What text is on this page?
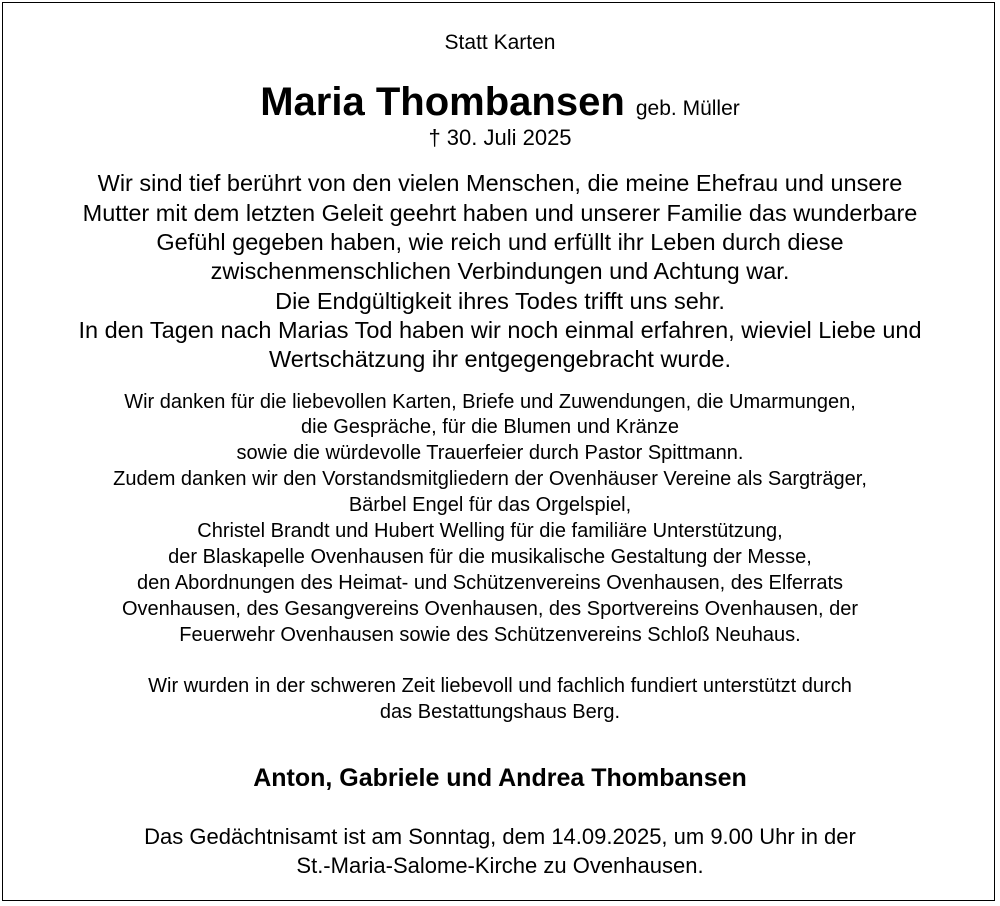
Statt Karten
Maria Thombansen geb. Müller
† 30. Juli 2025
Wir sind tief berührt von den vielen Menschen, die meine Ehefrau und unsere
Mutter mit dem letzten Geleit geehrt haben und unserer Familie das wunderbare
Gefühl gegeben haben, wie reich und erfüllt ihr Leben durch diese
zwischenmenschlichen Verbindungen und Achtung war.
Die Endgültigkeit ihres Todes trifft uns sehr.
In den Tagen nach Marias Tod haben wir noch einmal erfahren, wieviel Liebe und
Wertschätzung ihr entgegengebracht wurde.
Wir danken für die liebevollen Karten, Briefe und Zuwendungen, die Umarmungen,
die Gespräche, für die Blumen und Kränze
sowie die würdevolle Trauerfeier durch Pastor Spittmann.
Zudem danken wir den Vorstandsmitgliedern der Ovenhäuser Vereine als Sargträger,
Bärbel Engel für das Orgelspiel,
Christel Brandt und Hubert Welling für die familiäre Unterstützung,
der Blaskapelle Ovenhausen für die musikalische Gestaltung der Messe,
den Abordnungen des Heimat- und Schützenvereins Ovenhausen, des Elferrats
Ovenhausen, des Gesangvereins Ovenhausen, des Sportvereins Ovenhausen, der
Feuerwehr Ovenhausen sowie des Schützenvereins Schloß Neuhaus.
Wir wurden in der schweren Zeit liebevoll und fachlich fundiert unterstützt durch
das Bestattungshaus Berg.
Anton, Gabriele und Andrea Thombansen
Das Gedächtnisamt ist am Sonntag, dem 14.09.2025, um 9.00 Uhr in der
St.-Maria-Salome-Kirche zu Ovenhausen.
